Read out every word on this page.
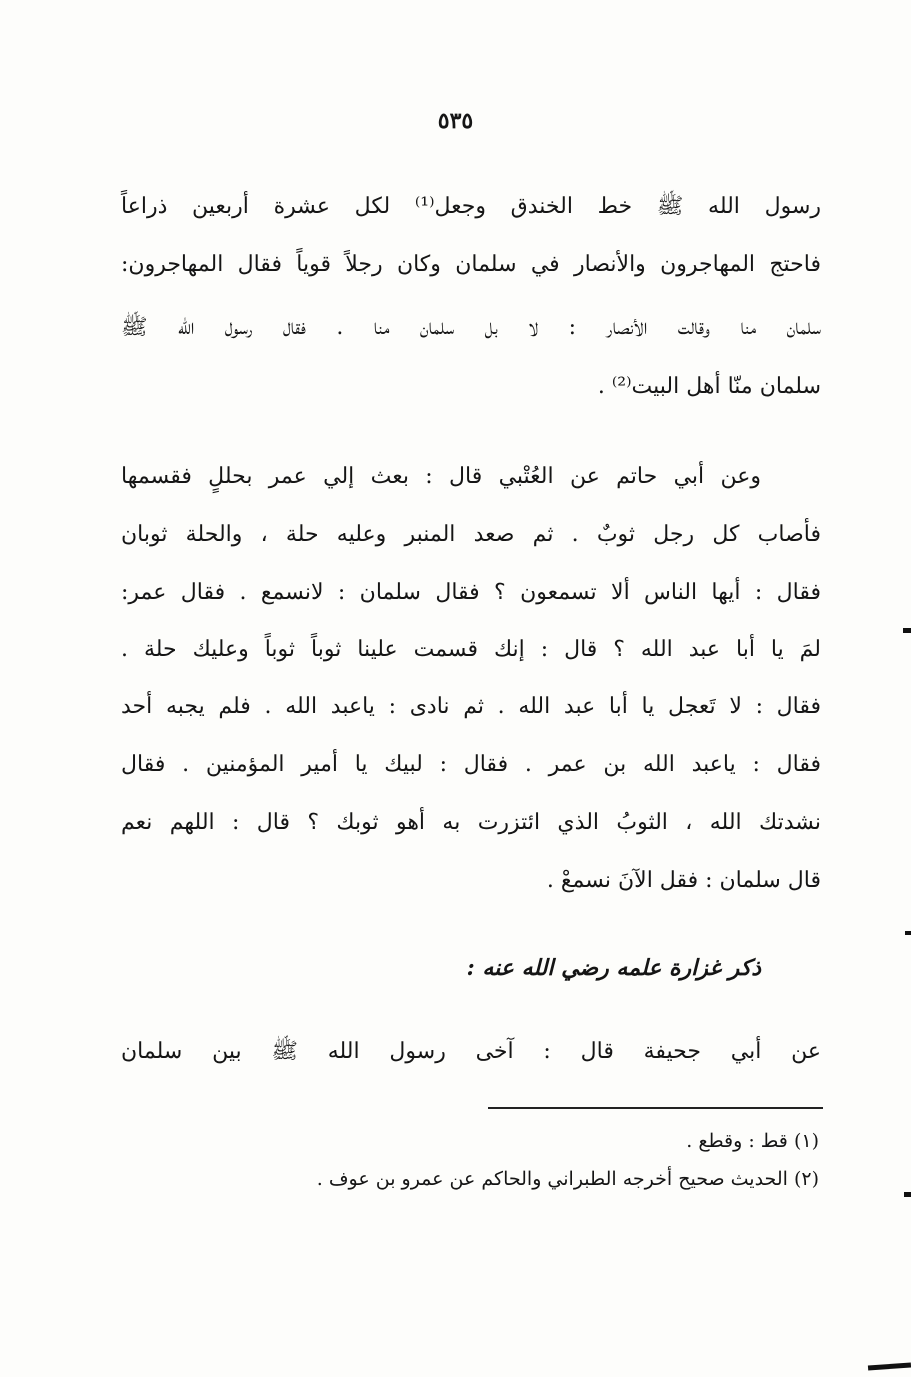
٥٣٥
رسول الله ﷺ خط الخندق وجعل⁽¹⁾ لكل عشرة أربعين ذراعاً
فاحتج المهاجرون والأنصار في سلمان وكان رجلاً قوياً فقال المهاجرون:
سلمان منا وقالت الأنصار : لا بل سلمان منا . فقال رسول الله ﷺ
سلمان منّا أهل البيت⁽²⁾ .
وعن أبي حاتم عن العُتْبي قال : بعث إلي عمر بحللٍ فقسمها
فأصاب كل رجل ثوبٌ . ثم صعد المنبر وعليه حلة ، والحلة ثوبان
فقال : أيها الناس ألا تسمعون ؟ فقال سلمان : لانسمع . فقال عمر:
لمَ يا أبا عبد الله ؟ قال : إنك قسمت علينا ثوباً ثوباً وعليك حلة .
فقال : لا تَعجل يا أبا عبد الله . ثم نادى : ياعبد الله . فلم يجبه أحد
فقال : ياعبد الله بن عمر . فقال : لبيك يا أمير المؤمنين . فقال
نشدتك الله ، الثوبُ الذي ائتزرت به أهو ثوبك ؟ قال : اللهم نعم
قال سلمان : فقل الآنَ نسمعْ .
ذكر غزارة علمه رضي الله عنه :
عن أبي جحيفة قال : آخى رسول الله ﷺ بين سلمان
(١) قط : وقطع .
(٢) الحديث صحيح أخرجه الطبراني والحاكم عن عمرو بن عوف .
